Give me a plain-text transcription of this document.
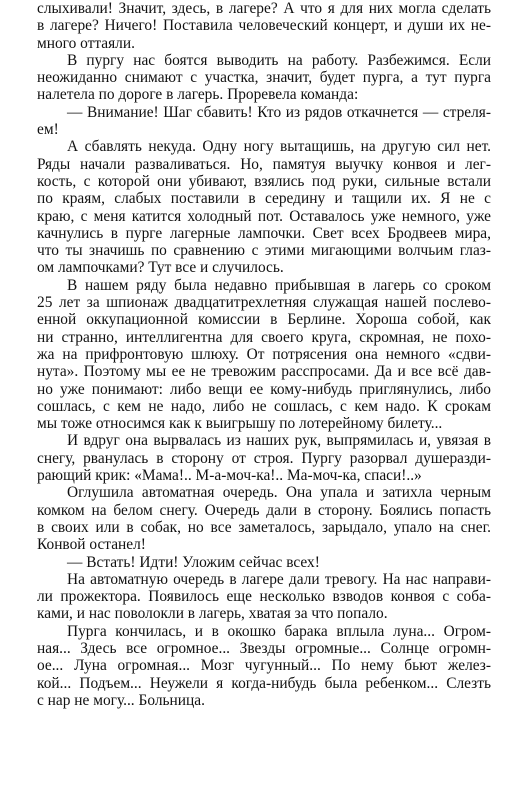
слыхивали! Значит, здесь, в лагере? А что я для них могла сделать
в лагере? Ничего! Поставила человеческий концерт, и души их не-
много оттаяли.
В пургу нас боятся выводить на работу. Разбежимся. Если
неожиданно снимают с участка, значит, будет пурга, а тут пурга
налетела по дороге в лагерь. Проревела команда:
— Внимание! Шаг сбавить! Кто из рядов откачнется — стреля-
ем!
А сбавлять некуда. Одну ногу вытащишь, на другую сил нет.
Ряды начали разваливаться. Но, памятуя выучку конвоя и лег-
кость, с которой они убивают, взялись под руки, сильные встали
по краям, слабых поставили в середину и тащили их. Я не с
краю, с меня катится холодный пот. Оставалось уже немного, уже
качнулись в пурге лагерные лампочки. Свет всех Бродвеев мира,
что ты значишь по сравнению с этими мигающими волчьим глаз-
ом лампочками? Тут все и случилось.
В нашем ряду была недавно прибывшая в лагерь со сроком
25 лет за шпионаж двадцатитрехлетняя служащая нашей послево-
енной оккупационной комиссии в Берлине. Хороша собой, как
ни странно, интеллигентна для своего круга, скромная, не похо-
жа на прифронтовую шлюху. От потрясения она немного «сдви-
нута». Поэтому мы ее не тревожим расспросами. Да и все всё дав-
но уже понимают: либо вещи ее кому-нибудь приглянулись, либо
сошлась, с кем не надо, либо не сошлась, с кем надо. К срокам
мы тоже относимся как к выигрышу по лотерейному билету...
И вдруг она вырвалась из наших рук, выпрямилась и, увязая в
снегу, рванулась в сторону от строя. Пургу разорвал душеразди-
рающий крик: «Мама!.. М-а-моч-ка!.. Ма-моч-ка, спаси!..»
Оглушила автоматная очередь. Она упала и затихла черным
комком на белом снегу. Очередь дали в сторону. Боялись попасть
в своих или в собак, но все заметалось, зарыдало, упало на снег.
Конвой останел!
— Встать! Идти! Уложим сейчас всех!
На автоматную очередь в лагере дали тревогу. На нас направи-
ли прожектора. Появилось еще несколько взводов конвоя с соба-
ками, и нас поволокли в лагерь, хватая за что попало.
Пурга кончилась, и в окошко барака вплыла луна... Огром-
ная... Здесь все огромное... Звезды огромные... Солнце огромн-
ое... Луна огромная... Мозг чугунный... По нему бьют желез-
кой... Подъем... Неужели я когда-нибудь была ребенком... Слезть
с нар не могу... Больница.
